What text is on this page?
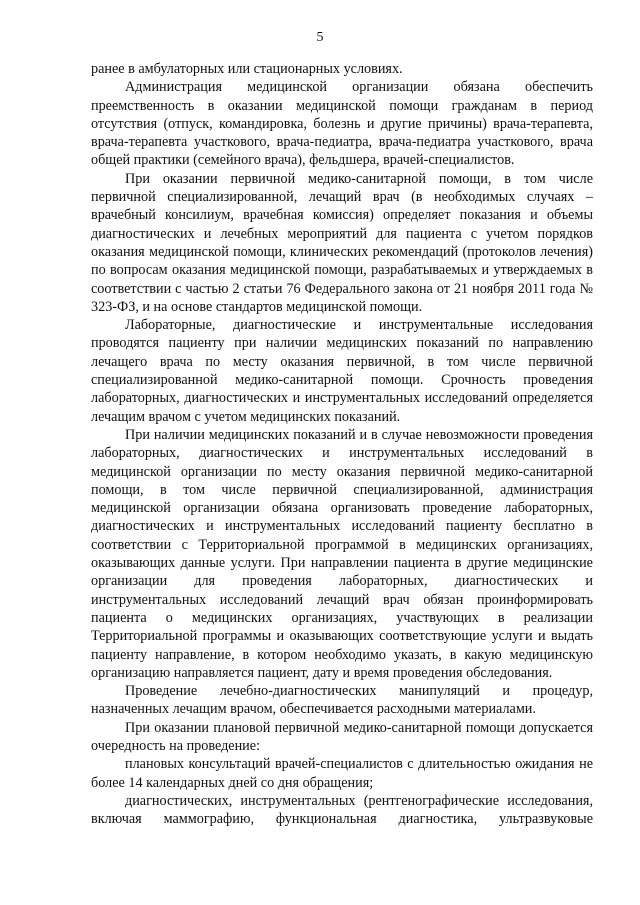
5

ранее в амбулаторных или стационарных условиях.

Администрация медицинской организации обязана обеспечить преемственность в оказании медицинской помощи гражданам в период отсутствия (отпуск, командировка, болезнь и другие причины) врача-терапевта, врача-терапевта участкового, врача-педиатра, врача-педиатра участкового, врача общей практики (семейного врача), фельдшера, врачей-специалистов.

При оказании первичной медико-санитарной помощи, в том числе первичной специализированной, лечащий врач (в необходимых случаях – врачебный консилиум, врачебная комиссия) определяет показания и объемы диагностических и лечебных мероприятий для пациента с учетом порядков оказания медицинской помощи, клинических рекомендаций (протоколов лечения) по вопросам оказания медицинской помощи, разрабатываемых и утверждаемых в соответствии с частью 2 статьи 76 Федерального закона от 21 ноября 2011 года № 323-ФЗ, и на основе стандартов медицинской помощи.

Лабораторные, диагностические и инструментальные исследования проводятся пациенту при наличии медицинских показаний по направлению лечащего врача по месту оказания первичной, в том числе первичной специализированной медико-санитарной помощи. Срочность проведения лабораторных, диагностических и инструментальных исследований определяется лечащим врачом с учетом медицинских показаний.

При наличии медицинских показаний и в случае невозможности проведения лабораторных, диагностических и инструментальных исследований в медицинской организации по месту оказания первичной медико-санитарной помощи, в том числе первичной специализированной, администрация медицинской организации обязана организовать проведение лабораторных, диагностических и инструментальных исследований пациенту бесплатно в соответствии с Территориальной программой в медицинских организациях, оказывающих данные услуги. При направлении пациента в другие медицинские организации для проведения лабораторных, диагностических и инструментальных исследований лечащий врач обязан проинформировать пациента о медицинских организациях, участвующих в реализации Территориальной программы и оказывающих соответствующие услуги и выдать пациенту направление, в котором необходимо указать, в какую медицинскую организацию направляется пациент, дату и время проведения обследования.

Проведение лечебно-диагностических манипуляций и процедур, назначенных лечащим врачом, обеспечивается расходными материалами.

При оказании плановой первичной медико-санитарной помощи допускается очередность на проведение:

плановых консультаций врачей-специалистов с длительностью ожидания не более 14 календарных дней со дня обращения;

диагностических, инструментальных (рентгенографические исследования, включая маммографию, функциональная диагностика, ультразвуковые
